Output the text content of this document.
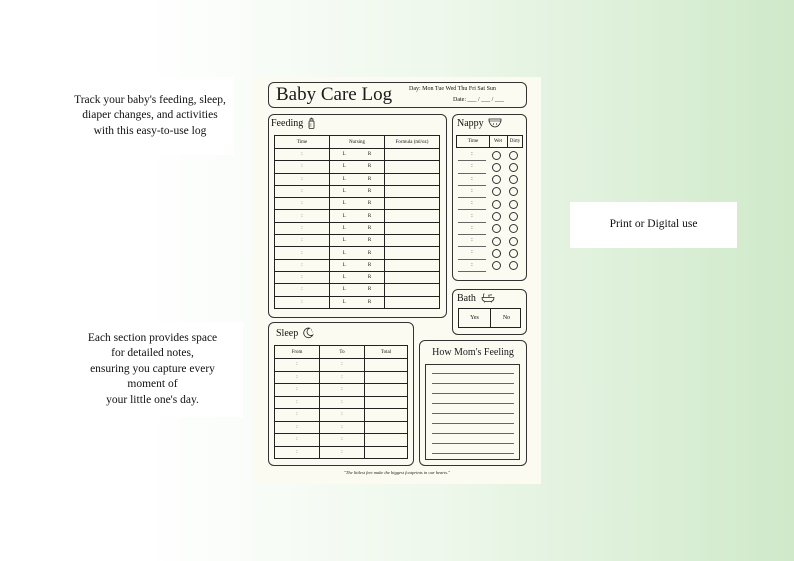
Track your baby's feeding, sleep,
diaper changes, and activities
with this easy-to-use log
Each section provides space
for detailed notes,
ensuring you capture every
moment of
your little one's day.
Print or Digital use
Baby Care Log	Day: Mon Tue Wed Thu Fri Sat Sun
Date: ___ / ___ / ___
Feeding
Time	Nursing	Formula (ml/oz)
:	L R	
:	L R	
:	L R	
:	L R	
:	L R	
:	L R	
:	L R	
:	L R	
:	L R	
:	L R	
:	L R	
:	L R	
:	L R	
Nappy
Time	Wet	Dirty
:
:
:
:
:
:
:
:
:
:
Bath
Yes	No
Sleep
From	To	Total
:	:	
:	:	
:	:	
:	:	
:	:	
:	:	
:	:	
:	:	
How Mom's Feeling
"The littlest feet make the biggest footprints in our hearts."
